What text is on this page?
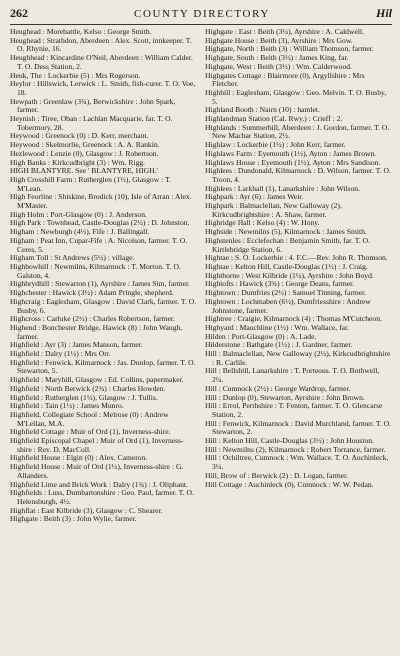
262	COUNTY DIRECTORY	Hil

Heughead : Morebattle, Kelso : George Smith.

Heughead : Strathdon, Aberdeen : Alex. Scott, innkeeper. T. O. Rhynie, 16.

Heughhead : Kincardine O'Neil, Aberdeen : William Calder. T. O. Dess Station, 2.

Heuk, The : Lockerbie (5) : Mrs Rogerson.

Heylor : Hillswick, Lerwick : L. Smith, fish-curer. T. O. Voe, 18.

Hewpath : Greenlaw (3¾), Berwickshire : John Spark, farmer.

Heynish : Tiree, Oban : Lachlan Macquarie, far. T. O. Tobermory, 28.

Heywood : Greenock (0) : D. Kerr, merchant.

Heywood : Skelmorlie, Greenock : A. A. Rankin.

Hezlewood : Lenzie (0), Glasgow : J. Robertson.

High Banks : Kirkcudbright (3) : Wm. Rigg.

HIGH BLANTYRE. See ' BLANTYRE, HIGH.'

High Crosshill Farm : Rutherglen (1½), Glasgow : T. M'Lean.

High Feorline : Shiskine, Brodick (10), Isle of Arran : Alex. M'Master.

High Holm : Port-Glasgow (0) : J. Anderson.

High Park : Townhead, Castle-Douglas (2½) : D. Johnston.

Higham : Newburgh (4½), Fife : J. Ballingall.

Higham : Peat Inn, Cupar-Fife : A. Nicolson, farmer. T. O. Ceres, 5.

Higham Toll : St Andrews (5½) : village.

Highbowhill : Newmilns, Kilmarnock : T. Morton. T. O. Galston, 4.

Highbrydhill : Stewarton (1), Ayrshire : James Sim, farmer.

Highchester : Hawick (3½) : Adam Pringle, shepherd.

Highcraig : Eaglesham, Glasgow : David Clark, farmer. T. O. Busby, 6.

Highcross : Carluke (2½) : Charles Robertson, farmer.

Highend : Bonchester Bridge, Hawick (8) : John Waugh, farmer.

Highfield : Ayr (3) : James Manson, farmer.

Highfield : Dalry (1½) : Mrs Orr.

Highfield : Fenwick, Kilmarnock : Jas. Dunlop, farmer. T. O. Stewarton, 5.

Highfield : Maryhill, Glasgow : Ed. Collins, papermaker.

Highfield : North Berwick (2¾) : Charles Howden.

Highfield : Rutherglen (1½), Glasgow : J. Tullis.

Highfield : Tain (1½) : James Munro.

Highfield, Collegiate School : Melrose (0) : Andrew M'Lellan, M.A.

Highfield Cottage : Muir of Ord (1), Inverness-shire.

Highfield Episcopal Chapel : Muir of Ord (1), Inverness-shire : Rev. D. MacColl.

Highfield House : Elgin (0) : Alex. Cameron.

Highfield House : Muir of Ord (1½), Inverness-shire : G. Allanders.

Highfield Lime and Brick Work : Dalry (1¾) : J. Oliphant.

Highfields : Luss, Dumbartonshire : Geo. Paul, farmer. T. O. Helensburgh, 4½.

Highflat : East Kilbride (3), Glasgow : C. Shearer.

Highgate : Beith (3) : John Wylie, farmer.

Highgate : East : Beith (3¼), Ayrshire : A. Caldwell.

Highgate House : Beith (3), Ayrshire : Mrs Gow.

Highgate, North : Beith (3) : William Thomson, farmer.

Highgate, South : Beith (3½) : James King, far.

Highgate, West : Beith (3½) : Wm. Calderwood.

Highgates Cottage : Blairmore (0), Argyllshire : Mrs Fletcher.

Highhill : Eaglesham, Glasgow : Geo. Melvin. T. O. Busby, 5.

Highland Booth : Nairn (10) : hamlet.

Highlandman Station (Cal. Rwy.) : Crieff : 2.

Highlands : Summerhill, Aberdeen : J. Gordon, farmer. T. O. New Machar Station, 2½.

Highlaw : Lockerbie (1½) : John Kerr, farmer.

Highlaws Farm : Eyemouth (1½), Ayton : James Brown.

Highlaws House : Eyemouth (1½), Ayton : Mrs Sandison.

Highlees : Dundonald, Kilmarnock : D. Wilson, farmer. T. O. Troon, 4.

Highlees : Larkhall (1), Lanarkshire : John Wilson.

Highpark : Ayr (6) : James Weir.

Highpark : Balmaclellan, New Galloway (2), Kirkcudbrightshire : A. Shaw, farmer.

Highridge Hall : Kelso (4) : W. Hony.

Highside : Newmilns (5), Kilmarnock : James Smith.

Highstenles : Ecclefechan : Benjamin Smith, far. T. O. Kirtlebridge Station, 6.

Hightae : S. O. Lockerbie : 4. F.C.—Rev. John R. Thomson.

Hightae : Kelton Hill, Castle-Douglas (1½) : J. Craig.

Highthorne : West Kilbride (1¼), Ayrshire : John Boyd.

Hightofts : Hawick (3¾) : George Deans, farmer.

Hightown : Dumfries (2½) : Samuel Tinning, farmer.

Hightown : Lochmaben (6½), Dumfriesshire : Andrew Johnstone, farmer.

Hightree : Craigie, Kilmarnock (4) : Thomas M'Cutcheon.

Highyard : Mauchline (1½) : Wm. Wallace, far.

Hilden : Port-Glasgow (0) : A. Lade.

Hilderstone : Bathgate (1½) : J. Gardner, farmer.

Hill : Balmaclellan, New Galloway (2½), Kirkcudbrightshire : R. Carlile.

Hill : Bellshill, Lanarkshire : T. Porteous. T. O. Bothwell, 2¼.

Hill : Cumnock (2½) : George Wardrop, farmer.

Hill : Dunlop (0), Stewarton, Ayrshire : John Brown.

Hill : Errol, Perthshire : T. Fenton, farmer. T. O. Glencarse Station, 2.

Hill : Fenwick, Kilmarnock : David Murchland, farmer. T. O. Stewarton, 2.

Hill : Kelton Hill, Castle-Douglas (3½) : John Houston.

Hill : Newmilns (2), Kilmarnock : Robert Torrance, farmer.

Hill : Ochiltree, Cumnock : Wm. Wallace. T. O. Auchinleck, 3¼.

Hill, Brow of : Berwick (2) : D. Logan, farmer.

Hill Cottage : Auchinleck (0), Cumnock : W. W. Pedan.
